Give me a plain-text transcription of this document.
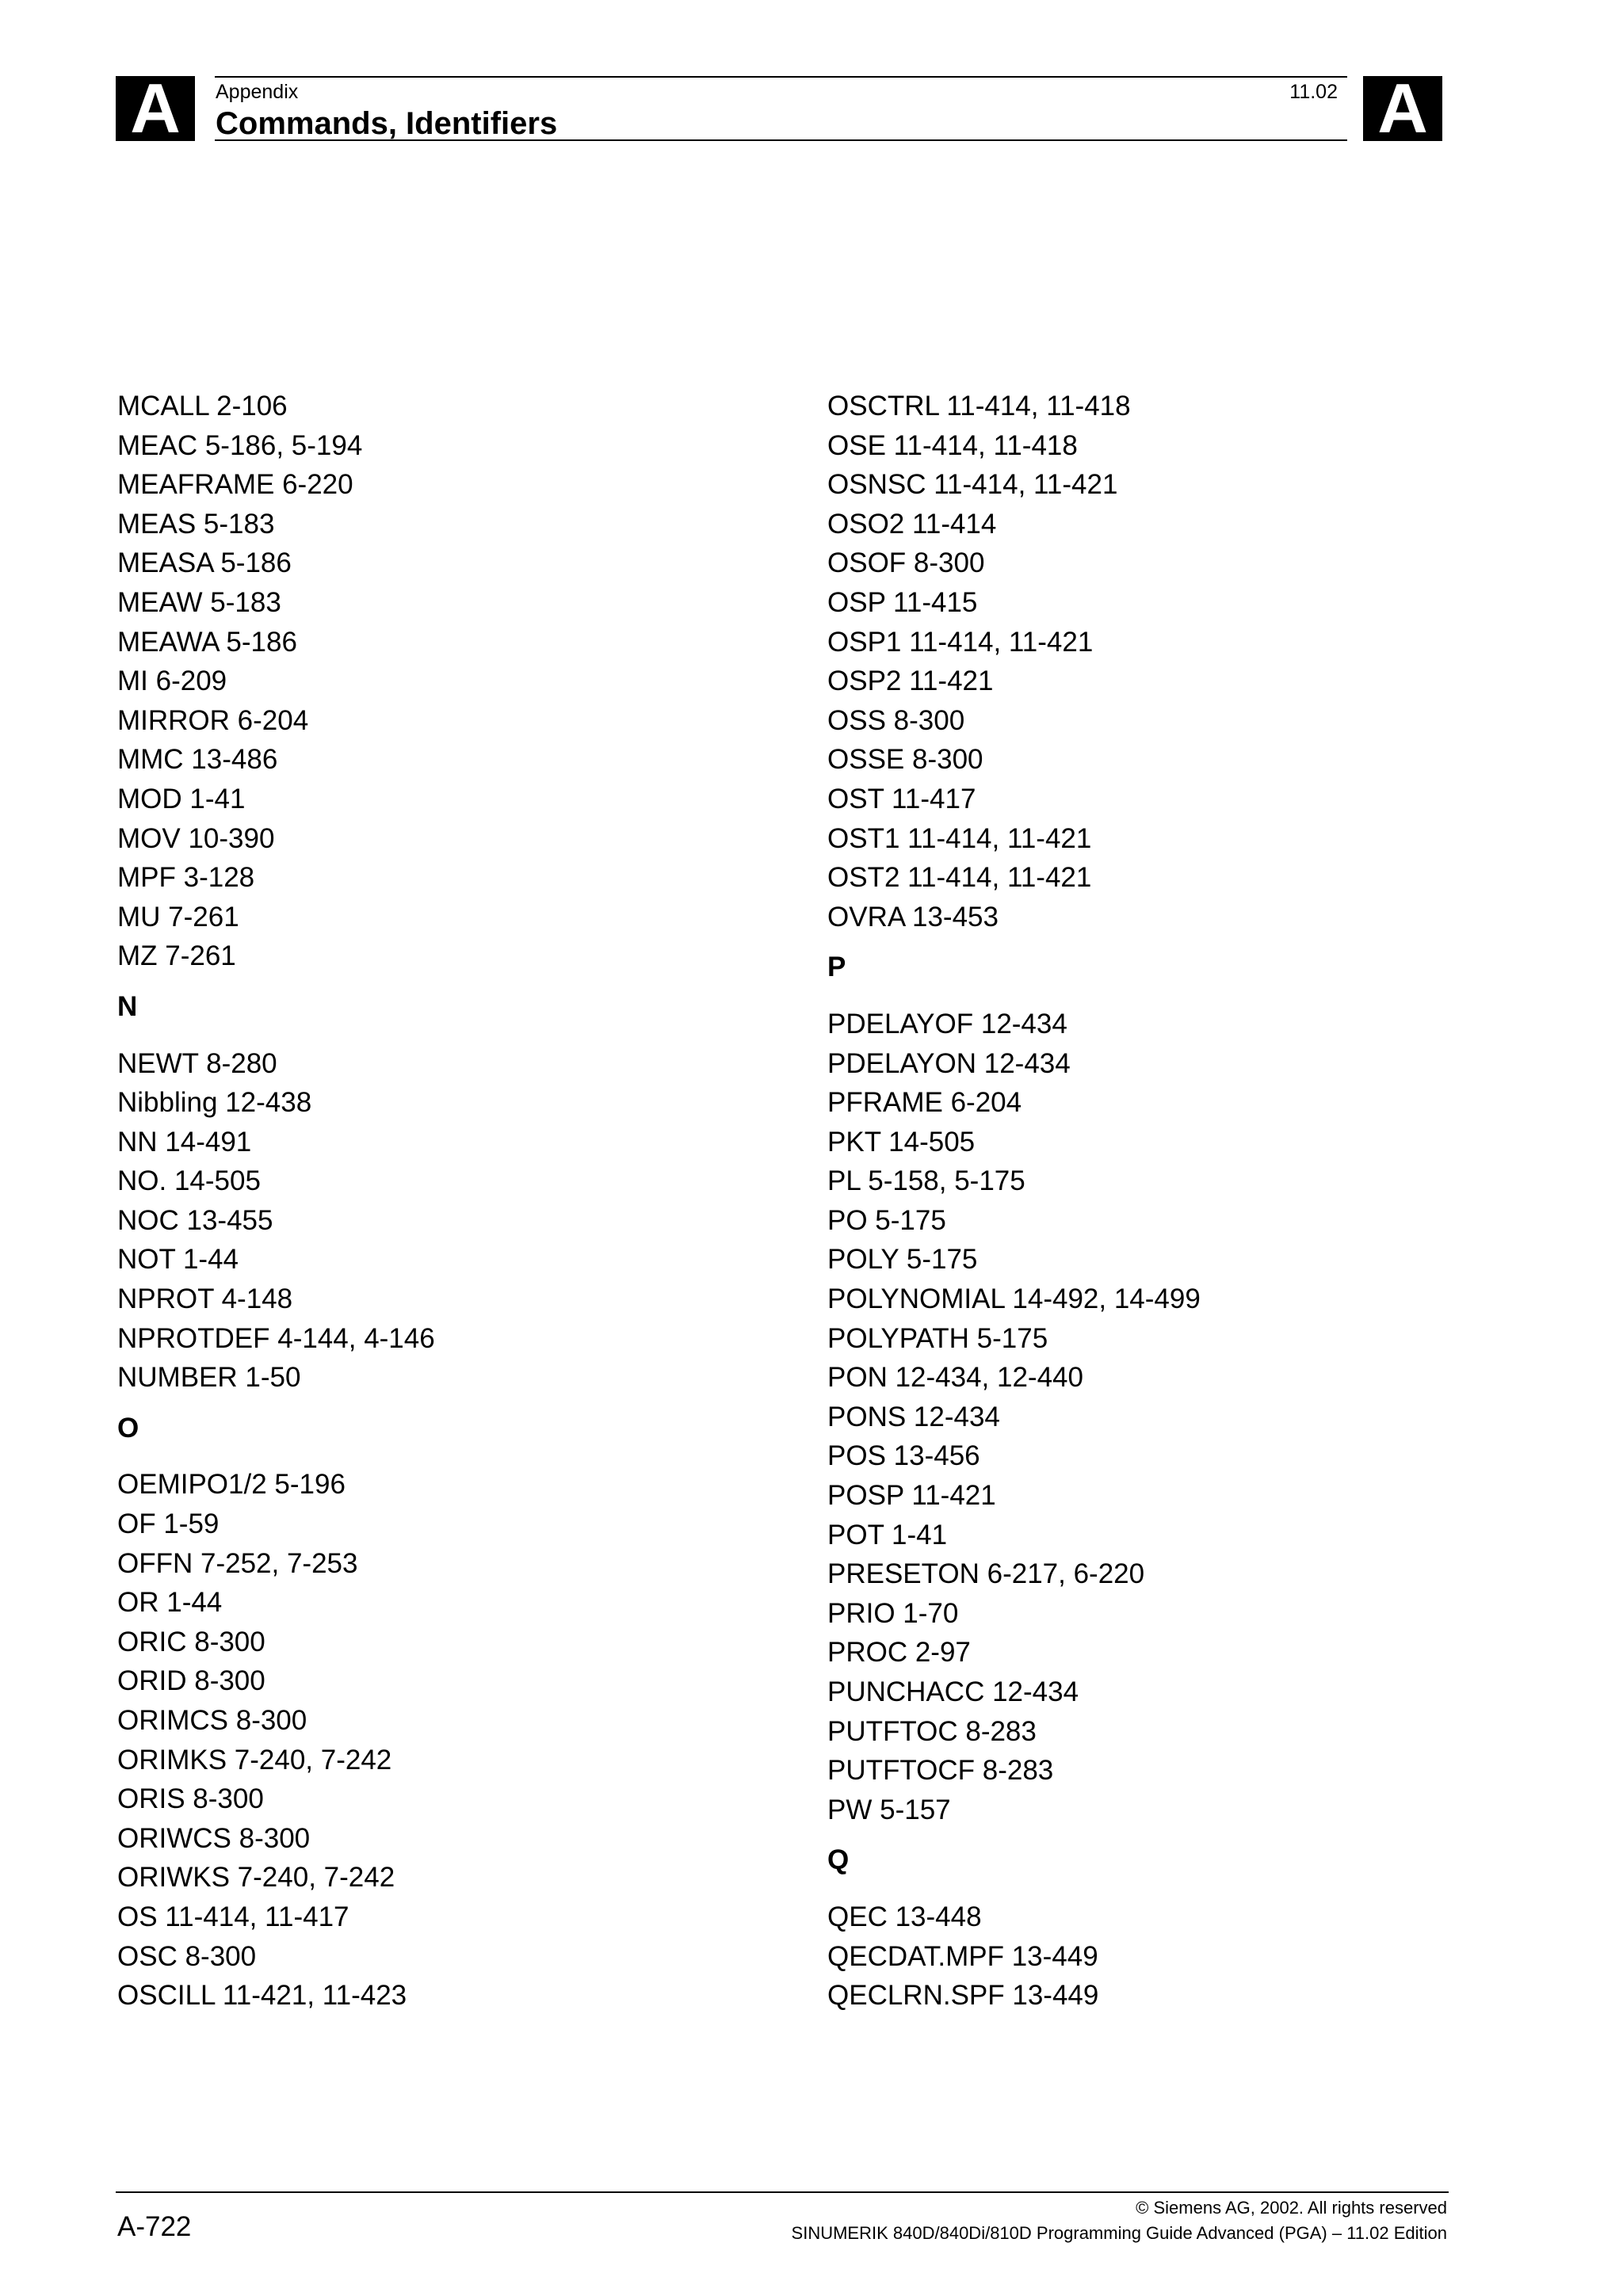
A	A
Appendix	11.02
Commands, Identifiers
MCALL 2-106
MEAC 5-186, 5-194
MEAFRAME 6-220
MEAS 5-183
MEASA 5-186
MEAW 5-183
MEAWA 5-186
MI 6-209
MIRROR 6-204
MMC 13-486
MOD 1-41
MOV 10-390
MPF 3-128
MU 7-261
MZ 7-261
N
NEWT 8-280
Nibbling 12-438
NN 14-491
NO. 14-505
NOC 13-455
NOT 1-44
NPROT 4-148
NPROTDEF 4-144, 4-146
NUMBER 1-50
O
OEMIPO1/2 5-196
OF 1-59
OFFN 7-252, 7-253
OR 1-44
ORIC 8-300
ORID 8-300
ORIMCS 8-300
ORIMKS 7-240, 7-242
ORIS 8-300
ORIWCS 8-300
ORIWKS 7-240, 7-242
OS 11-414, 11-417
OSC 8-300
OSCILL 11-421, 11-423
OSCTRL 11-414, 11-418
OSE 11-414, 11-418
OSNSC 11-414, 11-421
OSO2 11-414
OSOF 8-300
OSP 11-415
OSP1 11-414, 11-421
OSP2 11-421
OSS 8-300
OSSE 8-300
OST 11-417
OST1 11-414, 11-421
OST2 11-414, 11-421
OVRA 13-453
P
PDELAYOF 12-434
PDELAYON 12-434
PFRAME 6-204
PKT 14-505
PL 5-158, 5-175
PO 5-175
POLY 5-175
POLYNOMIAL 14-492, 14-499
POLYPATH 5-175
PON 12-434, 12-440
PONS 12-434
POS 13-456
POSP 11-421
POT 1-41
PRESETON 6-217, 6-220
PRIO 1-70
PROC 2-97
PUNCHACC 12-434
PUTFTOC 8-283
PUTFTOCF 8-283
PW 5-157
Q
QEC 13-448
QECDAT.MPF 13-449
QECLRN.SPF 13-449
A-722
© Siemens AG, 2002. All rights reserved
SINUMERIK 840D/840Di/810D Programming Guide Advanced (PGA) – 11.02 Edition
